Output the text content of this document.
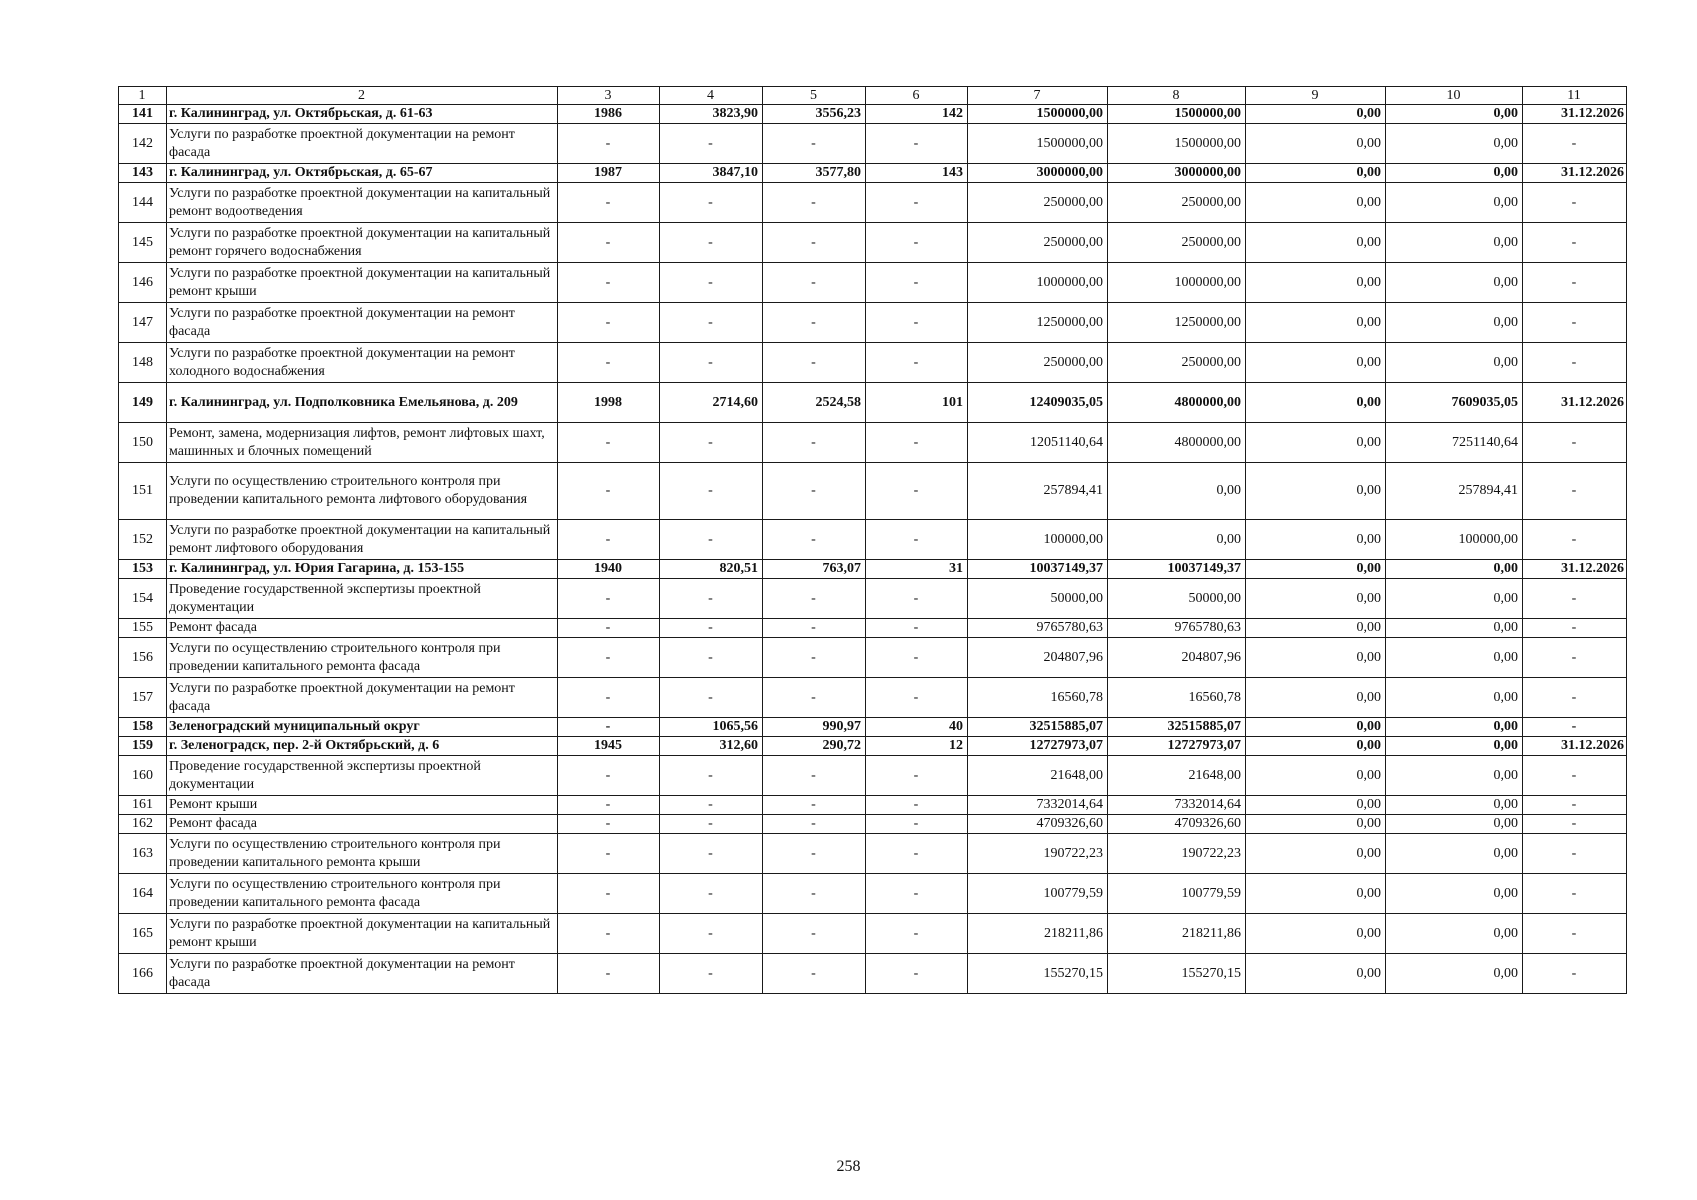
1	2	3	4	5	6	7	8	9	10	11
141	г. Калининград, ул. Октябрьская, д. 61-63	1986	3823,90	3556,23	142	1500000,00	1500000,00	0,00	0,00	31.12.2026
142	Услуги по разработке проектной документации на ремонт фасада	-	-	-	-	1500000,00	1500000,00	0,00	0,00	-
143	г. Калининград, ул. Октябрьская, д. 65-67	1987	3847,10	3577,80	143	3000000,00	3000000,00	0,00	0,00	31.12.2026
144	Услуги по разработке проектной документации на капитальный ремонт водоотведения	-	-	-	-	250000,00	250000,00	0,00	0,00	-
145	Услуги по разработке проектной документации на капитальный ремонт горячего водоснабжения	-	-	-	-	250000,00	250000,00	0,00	0,00	-
146	Услуги по разработке проектной документации на капитальный ремонт крыши	-	-	-	-	1000000,00	1000000,00	0,00	0,00	-
147	Услуги по разработке проектной документации на ремонт фасада	-	-	-	-	1250000,00	1250000,00	0,00	0,00	-
148	Услуги по разработке проектной документации на ремонт холодного водоснабжения	-	-	-	-	250000,00	250000,00	0,00	0,00	-
149	г. Калининград, ул. Подполковника Емельянова, д. 209	1998	2714,60	2524,58	101	12409035,05	4800000,00	0,00	7609035,05	31.12.2026
150	Ремонт, замена, модернизация лифтов, ремонт лифтовых шахт, машинных и блочных помещений	-	-	-	-	12051140,64	4800000,00	0,00	7251140,64	-
151	Услуги по осуществлению строительного контроля при проведении капитального ремонта лифтового оборудования	-	-	-	-	257894,41	0,00	0,00	257894,41	-
152	Услуги по разработке проектной документации на капитальный ремонт лифтового оборудования	-	-	-	-	100000,00	0,00	0,00	100000,00	-
153	г. Калининград, ул. Юрия Гагарина, д. 153-155	1940	820,51	763,07	31	10037149,37	10037149,37	0,00	0,00	31.12.2026
154	Проведение государственной экспертизы проектной документации	-	-	-	-	50000,00	50000,00	0,00	0,00	-
155	Ремонт фасада	-	-	-	-	9765780,63	9765780,63	0,00	0,00	-
156	Услуги по осуществлению строительного контроля при проведении капитального ремонта фасада	-	-	-	-	204807,96	204807,96	0,00	0,00	-
157	Услуги по разработке проектной документации на ремонт фасада	-	-	-	-	16560,78	16560,78	0,00	0,00	-
158	Зеленоградский муниципальный округ	-	1065,56	990,97	40	32515885,07	32515885,07	0,00	0,00	-
159	г. Зеленоградск, пер. 2-й Октябрьский, д. 6	1945	312,60	290,72	12	12727973,07	12727973,07	0,00	0,00	31.12.2026
160	Проведение государственной экспертизы проектной документации	-	-	-	-	21648,00	21648,00	0,00	0,00	-
161	Ремонт крыши	-	-	-	-	7332014,64	7332014,64	0,00	0,00	-
162	Ремонт фасада	-	-	-	-	4709326,60	4709326,60	0,00	0,00	-
163	Услуги по осуществлению строительного контроля при проведении капитального ремонта крыши	-	-	-	-	190722,23	190722,23	0,00	0,00	-
164	Услуги по осуществлению строительного контроля при проведении капитального ремонта фасада	-	-	-	-	100779,59	100779,59	0,00	0,00	-
165	Услуги по разработке проектной документации на капитальный ремонт крыши	-	-	-	-	218211,86	218211,86	0,00	0,00	-
166	Услуги по разработке проектной документации на ремонт фасада	-	-	-	-	155270,15	155270,15	0,00	0,00	-
258
